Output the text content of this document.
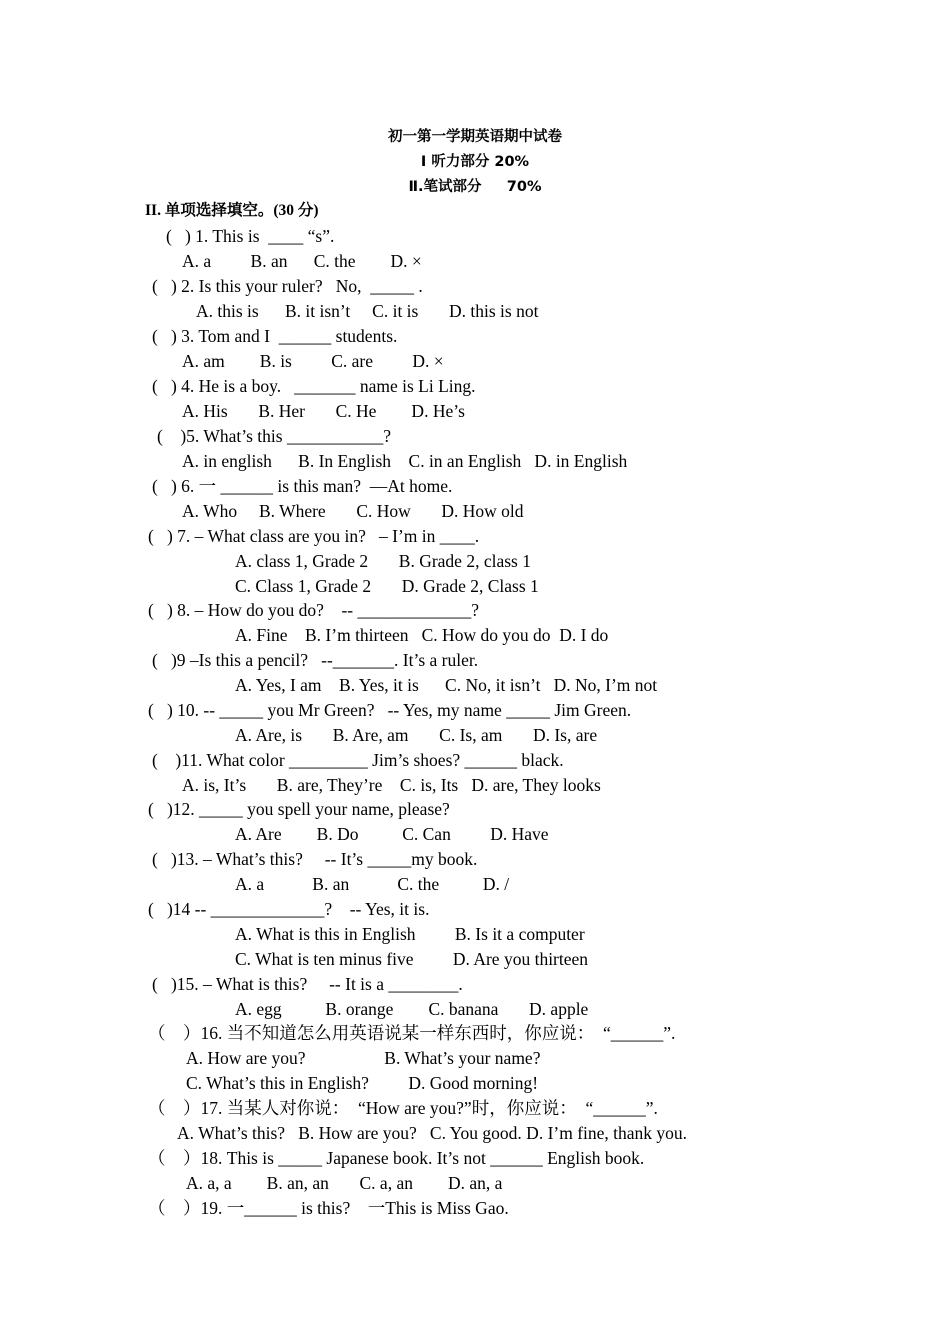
初一第一学期英语期中试卷
Ⅰ 听力部分 20%
Ⅱ.笔试部分     70%
II. 单项选择填空。(30 分)
(   ) 1. This is  ____ “s”.
A. a         B. an      C. the        D. ×
(   ) 2. Is this your ruler?   No,  _____ .
A. this is      B. it isn’t     C. it is       D. this is not
(   ) 3. Tom and I  ______ students.
A. am        B. is         C. are         D. ×
(   ) 4. He is a boy.   _______ name is Li Ling.
A. His       B. Her       C. He        D. He’s
(    )5. What’s this ___________?
A. in english      B. In English    C. in an English   D. in English
(   ) 6. 一 ______ is this man?  —At home.
A. Who     B. Where       C. How       D. How old
(   ) 7. – What class are you in?   – I’m in ____.
A. class 1, Grade 2       B. Grade 2, class 1
C. Class 1, Grade 2       D. Grade 2, Class 1
(   ) 8. – How do you do?    -- _____________?
A. Fine    B. I’m thirteen   C. How do you do  D. I do
(   )9 –Is this a pencil?   --_______. It’s a ruler.
A. Yes, I am    B. Yes, it is      C. No, it isn’t   D. No, I’m not
(   ) 10. -- _____ you Mr Green?   -- Yes, my name _____ Jim Green.
A. Are, is       B. Are, am       C. Is, am       D. Is, are
(    )11. What color _________ Jim’s shoes? ______ black.
A. is, It’s       B. are, They’re    C. is, Its   D. are, They looks
(   )12. _____ you spell your name, please?
A. Are        B. Do          C. Can         D. Have
(   )13. – What’s this?     -- It’s _____my book.
A. a           B. an           C. the          D. /
(   )14 -- _____________?    -- Yes, it is.
A. What is this in English         B. Is it a computer
C. What is ten minus five         D. Are you thirteen
(   )15. – What is this?     -- It is a ________.
A. egg          B. orange        C. banana       D. apple
（    ）16. 当不知道怎么用英语说某一样东西时，你应说：  “______”.
A. How are you?                  B. What’s your name?
C. What’s this in English?         D. Good morning!
（    ）17. 当某人对你说：  “How are you?”时，你应说：  “______”.
A. What’s this?   B. How are you?   C. You good. D. I’m fine, thank you.
（    ）18. This is _____ Japanese book. It’s not ______ English book.
A. a, a        B. an, an       C. a, an        D. an, a
（    ）19. 一______ is this?    一This is Miss Gao.
